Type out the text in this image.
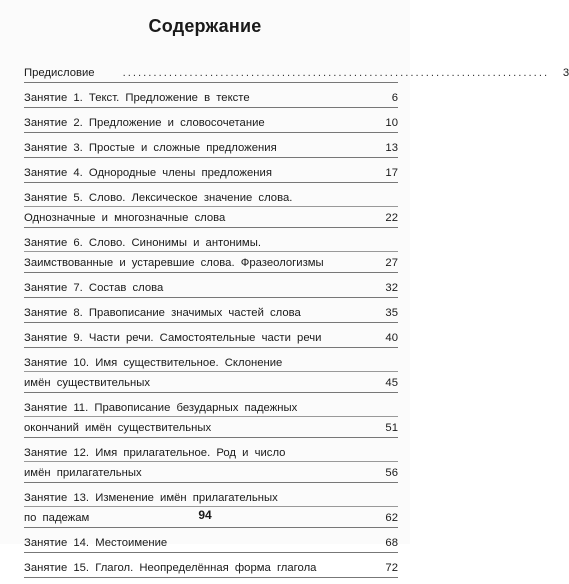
Содержание
Предисловие	...................................................................................	3
Занятие 1. Текст. Предложение в тексте	6
Занятие 2. Предложение и словосочетание	10
Занятие 3. Простые и сложные предложения	13
Занятие 4. Однородные члены предложения	17
Занятие 5. Слово. Лексическое значение слова.
Однозначные и многозначные слова	22
Занятие 6. Слово. Синонимы и антонимы.
Заимствованные и устаревшие слова. Фразеологизмы	27
Занятие 7. Состав слова	32
Занятие 8. Правописание значимых частей слова	35
Занятие 9. Части речи. Самостоятельные части речи	40
Занятие 10. Имя существительное. Склонение
имён существительных	45
Занятие 11. Правописание безударных падежных
окончаний имён существительных	51
Занятие 12. Имя прилагательное. Род и число
имён прилагательных	56
Занятие 13. Изменение имён прилагательных
по падежам	62
Занятие 14. Местоимение	68
Занятие 15. Глагол. Неопределённая форма глагола	72
94
